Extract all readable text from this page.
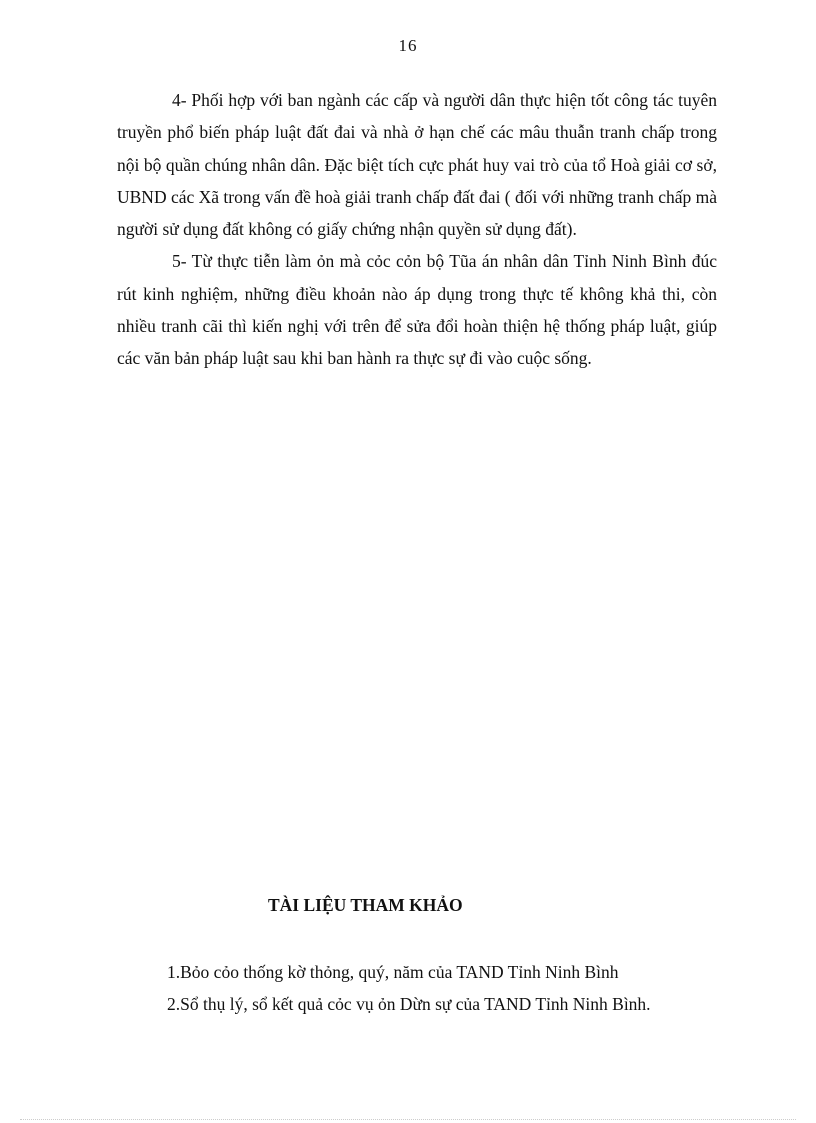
16

4- Phối hợp với ban ngành các cấp và người dân thực hiện tốt công tác tuyên truyền phổ biến pháp luật đất đai và nhà ở hạn chế các mâu thuẫn tranh chấp trong nội bộ quần chúng nhân dân. Đặc biệt tích cực phát huy vai trò của tổ Hoà giải cơ sở, UBND các Xã trong vấn đề hoà giải tranh chấp đất đai ( đối với những tranh chấp mà người sử dụng đất không có giấy chứng nhận quyền sử dụng đất).

5- Từ thực tiễn làm ỏn mà cỏc cỏn bộ Tũa án nhân dân Tỉnh Ninh Bình đúc rút kinh nghiệm, những điều khoản nào áp dụng trong thực tế không khả thi, còn nhiều tranh cãi thì kiến nghị với trên để sửa đổi hoàn thiện hệ thống pháp luật, giúp các văn bản pháp luật sau khi ban hành ra thực sự đi vào cuộc sống.

TÀI LIỆU THAM KHẢO
1.Bỏo cỏo thống kờ thỏng, quý, năm của TAND Tỉnh Ninh Bình
2.Sổ thụ lý, sổ kết quả cỏc vụ ỏn Dừn sự của TAND Tỉnh Ninh Bình.
